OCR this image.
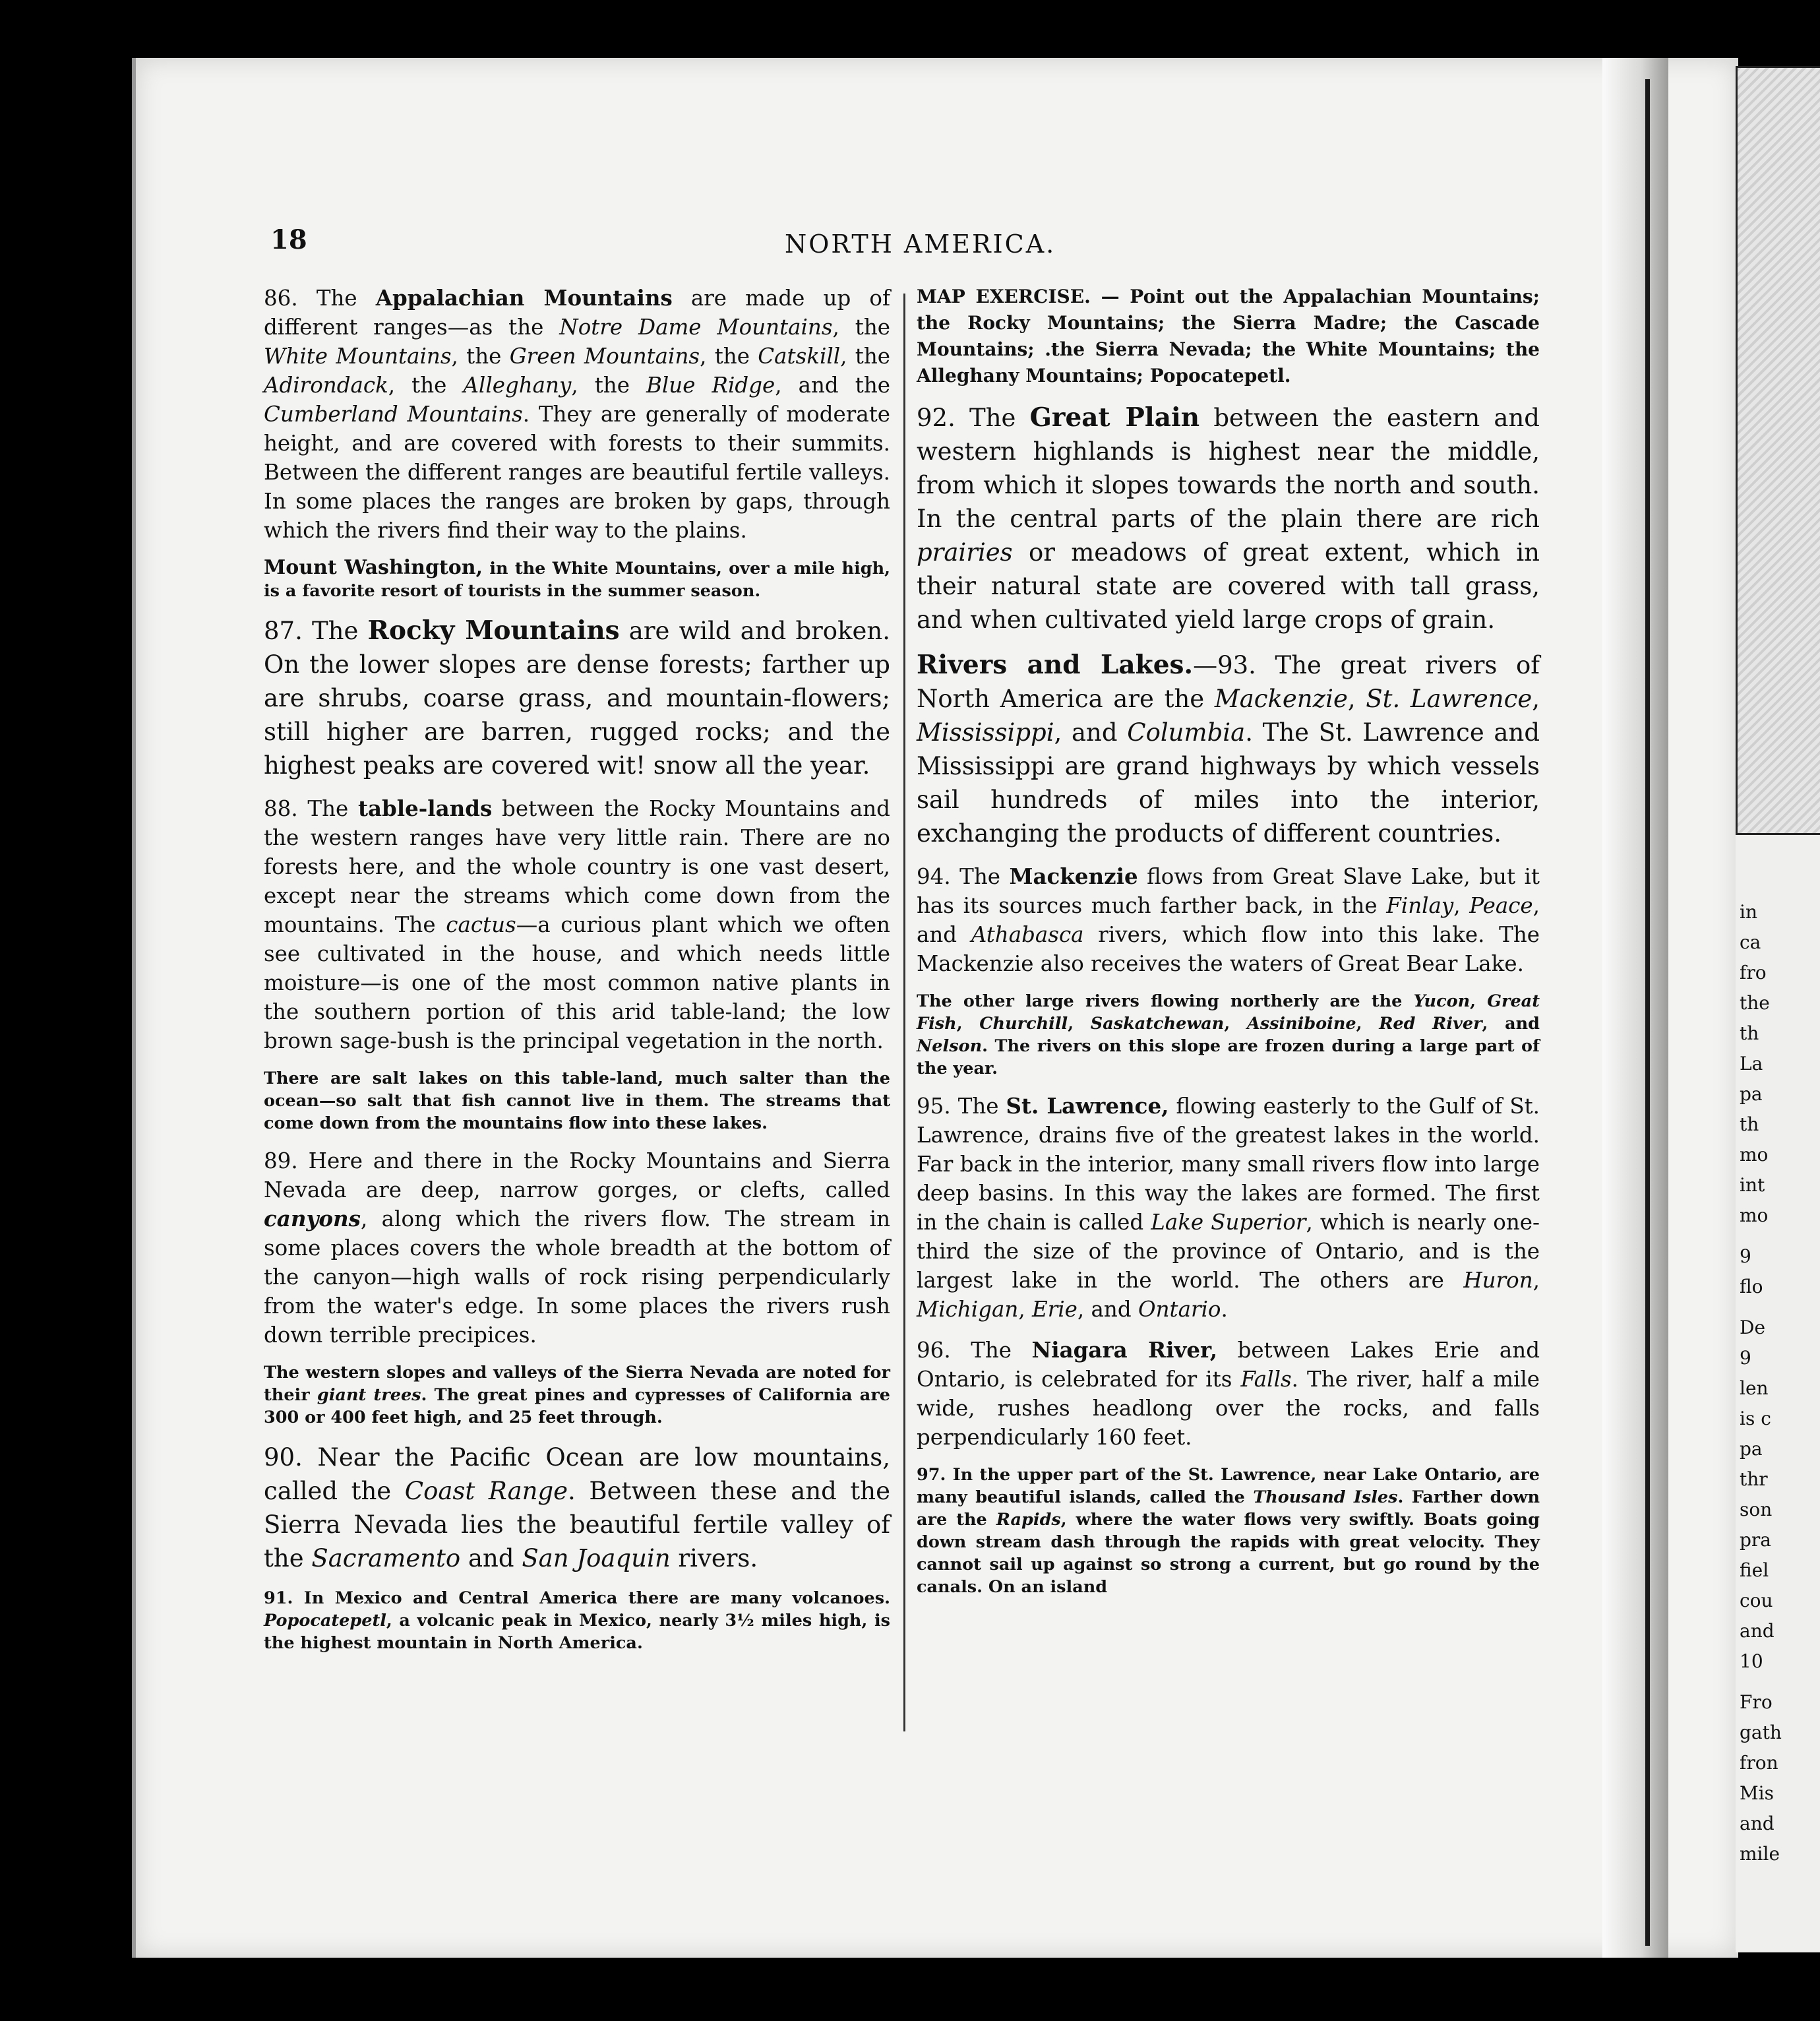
in
ca
fro
the
th
La
pa
th
mo
int
mo
9
flo
De
9
len
is c
pa
thr
son
pra
fiel
cou
and
10
Fro
gath
fron
Mis
and
mile
18	NORTH AMERICA.

86. The Appalachian Mountains are made up of different ranges—as the Notre Dame Mountains, the White Mountains, the Green Mountains, the Catskill, the Adirondack, the Alleghany, the Blue Ridge, and the Cumberland Mountains. They are generally of moderate height, and are covered with forests to their summits. Between the different ranges are beautiful fertile valleys. In some places the ranges are broken by gaps, through which the rivers find their way to the plains.

Mount Washington, in the White Mountains, over a mile high, is a favorite resort of tourists in the summer season.

87. The Rocky Mountains are wild and broken. On the lower slopes are dense forests; farther up are shrubs, coarse grass, and mountain-flowers; still higher are barren, rugged rocks; and the highest peaks are covered wit! snow all the year.

88. The table-lands between the Rocky Mountains and the western ranges have very little rain. There are no forests here, and the whole country is one vast desert, except near the streams which come down from the mountains. The cactus—a curious plant which we often see cultivated in the house, and which needs little moisture—is one of the most common native plants in the southern portion of this arid table-land; the low brown sage-bush is the principal vegetation in the north.

There are salt lakes on this table-land, much salter than the ocean—so salt that fish cannot live in them. The streams that come down from the mountains flow into these lakes.

89. Here and there in the Rocky Mountains and Sierra Nevada are deep, narrow gorges, or clefts, called canyons, along which the rivers flow. The stream in some places covers the whole breadth at the bottom of the canyon—high walls of rock rising perpendicularly from the water's edge. In some places the rivers rush down terrible precipices.

The western slopes and valleys of the Sierra Nevada are noted for their giant trees. The great pines and cypresses of California are 300 or 400 feet high, and 25 feet through.

90. Near the Pacific Ocean are low mountains, called the Coast Range. Between these and the Sierra Nevada lies the beautiful fertile valley of the Sacramento and San Joaquin rivers.

91. In Mexico and Central America there are many volcanoes. Popocatepetl, a volcanic peak in Mexico, nearly 3½ miles high, is the highest mountain in North America.

MAP EXERCISE. — Point out the Appalachian Mountains; the Rocky Mountains; the Sierra Madre; the Cascade Mountains; .the Sierra Nevada; the White Mountains; the Alleghany Mountains; Popocatepetl.

92. The Great Plain between the eastern and western highlands is highest near the middle, from which it slopes towards the north and south. In the central parts of the plain there are rich prairies or meadows of great extent, which in their natural state are covered with tall grass, and when cultivated yield large crops of grain.

Rivers and Lakes.—93. The great rivers of North America are the Mackenzie, St. Lawrence, Mississippi, and Columbia. The St. Lawrence and Mississippi are grand highways by which vessels sail hundreds of miles into the interior, exchanging the products of different countries.

94. The Mackenzie flows from Great Slave Lake, but it has its sources much farther back, in the Finlay, Peace, and Athabasca rivers, which flow into this lake. The Mackenzie also receives the waters of Great Bear Lake.

The other large rivers flowing northerly are the Yucon, Great Fish, Churchill, Saskatchewan, Assiniboine, Red River, and Nelson. The rivers on this slope are frozen during a large part of the year.

95. The St. Lawrence, flowing easterly to the Gulf of St. Lawrence, drains five of the greatest lakes in the world. Far back in the interior, many small rivers flow into large deep basins. In this way the lakes are formed. The first in the chain is called Lake Superior, which is nearly one-third the size of the province of Ontario, and is the largest lake in the world. The others are Huron, Michigan, Erie, and Ontario.

96. The Niagara River, between Lakes Erie and Ontario, is celebrated for its Falls. The river, half a mile wide, rushes headlong over the rocks, and falls perpendicularly 160 feet.

97. In the upper part of the St. Lawrence, near Lake Ontario, are many beautiful islands, called the Thousand Isles. Farther down are the Rapids, where the water flows very swiftly. Boats going down stream dash through the rapids with great velocity. They cannot sail up against so strong a current, but go round by the canals. On an island
